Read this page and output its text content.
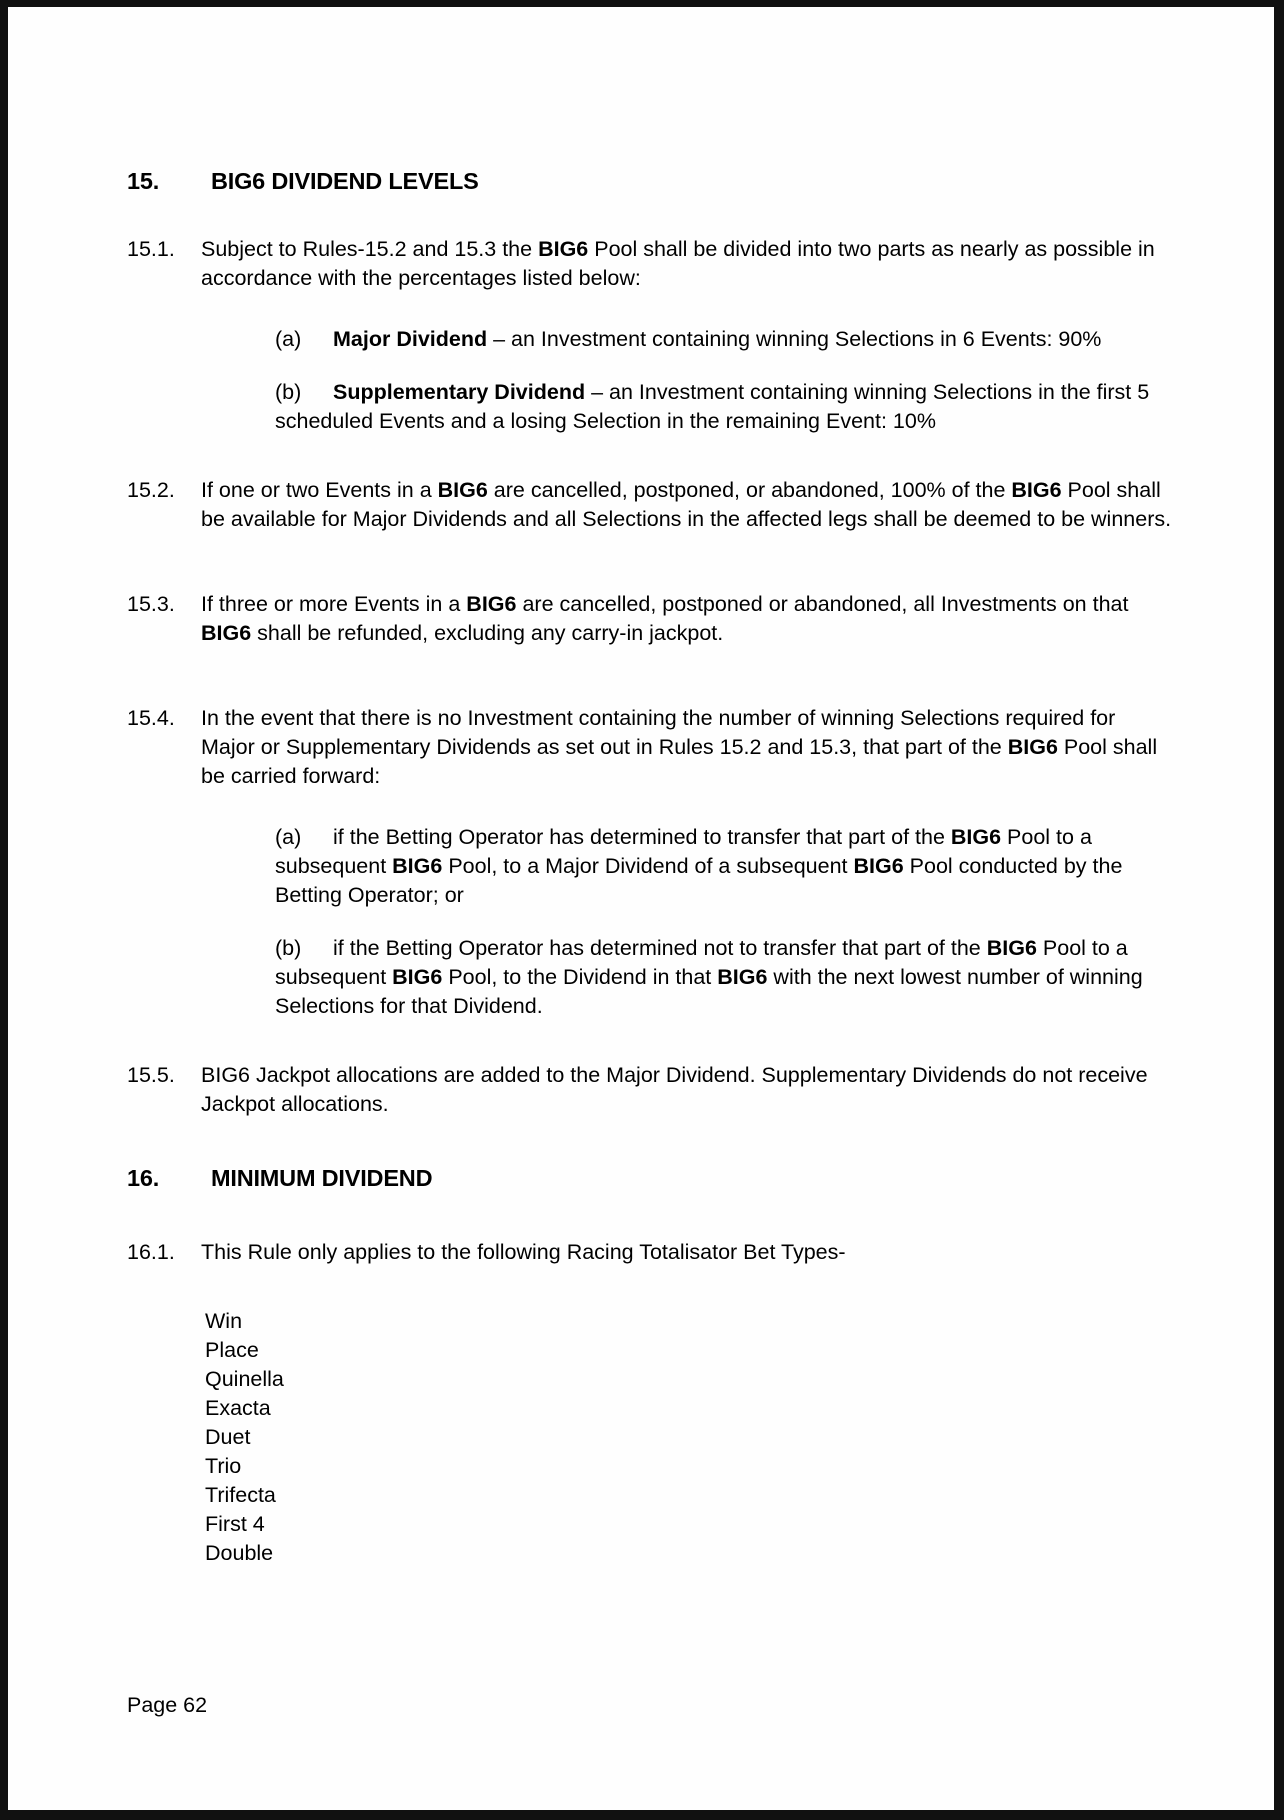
15.	BIG6 DIVIDEND LEVELS
15.1.	Subject to Rules-15.2 and 15.3 the BIG6 Pool shall be divided into two parts as nearly as possible in accordance with the percentages listed below:
(a) Major Dividend – an Investment containing winning Selections in 6 Events: 90%
(b) Supplementary Dividend – an Investment containing winning Selections in the first 5 scheduled Events and a losing Selection in the remaining Event: 10%
15.2.	If one or two Events in a BIG6 are cancelled, postponed, or abandoned, 100% of the BIG6 Pool shall be available for Major Dividends and all Selections in the affected legs shall be deemed to be winners.
15.3.	If three or more Events in a BIG6 are cancelled, postponed or abandoned, all Investments on that BIG6 shall be refunded, excluding any carry-in jackpot.
15.4.	In the event that there is no Investment containing the number of winning Selections required for Major or Supplementary Dividends as set out in Rules 15.2 and 15.3, that part of the BIG6 Pool shall be carried forward:
(a) if the Betting Operator has determined to transfer that part of the BIG6 Pool to a subsequent BIG6 Pool, to a Major Dividend of a subsequent BIG6 Pool conducted by the Betting Operator; or
(b) if the Betting Operator has determined not to transfer that part of the BIG6 Pool to a subsequent BIG6 Pool, to the Dividend in that BIG6 with the next lowest number of winning Selections for that Dividend.
15.5.	BIG6 Jackpot allocations are added to the Major Dividend. Supplementary Dividends do not receive Jackpot allocations.
16.	MINIMUM DIVIDEND
16.1.	This Rule only applies to the following Racing Totalisator Bet Types-
Win
Place
Quinella
Exacta
Duet
Trio
Trifecta
First 4
Double
Page 62
